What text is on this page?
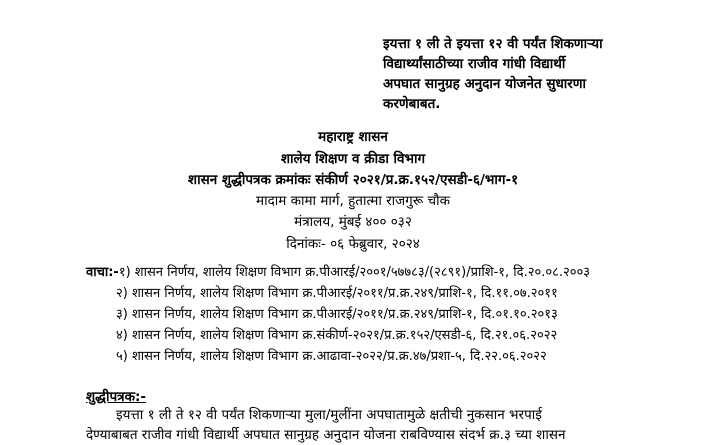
इयत्ता १ ली ते इयत्ता १२ वी पर्यंत शिकणाऱ्या
विद्यार्थ्यांसाठीच्या राजीव गांधी विद्यार्थी
अपघात सानुग्रह अनुदान योजनेत सुधारणा
करणेबाबत.
महाराष्ट्र शासन
शालेय शिक्षण व क्रीडा विभाग
शासन शुद्धीपत्रक क्रमांकः संकीर्ण २०२१/प्र.क्र.१५२/एसडी-६/भाग-१
मादाम कामा मार्ग, हुतात्मा राजगुरू चौक
मंत्रालय, मुंबई ४०० ०३२
दिनांकः- ०६ फेब्रुवार, २०२४
वाचा:-१) शासन निर्णय, शालेय शिक्षण विभाग क्र.पीआरई/२००१/५७७८३/(२८९१)/प्राशि-१, दि.२०.०८.२००३
२) शासन निर्णय, शालेय शिक्षण विभाग क्र.पीआरई/२०११/प्र.क्र.२४९/प्राशि-१, दि.११.०७.२०११
३) शासन निर्णय, शालेय शिक्षण विभाग क्र.पीआरई/२०११/प्र.क्र.२४९/प्राशि-१, दि.०१.१०.२०१३
४) शासन निर्णय, शालेय शिक्षण विभाग क्र.संकीर्ण-२०२१/प्र.क्र.१५२/एसडी-६, दि.२१.०६.२०२२
५) शासन निर्णय, शालेय शिक्षण विभाग क्र.आढावा-२०२२/प्र.क्र.४७/प्रशा-५, दि.२२.०६.२०२२
शुद्धीपत्रक:-
इयत्ता १ ली ते १२ वी पर्यंत शिकणाऱ्या मुला/मुलींना अपघातामुळे क्षतीची नुकसान भरपाई
देण्याबाबत राजीव गांधी विद्यार्थी अपघात सानुग्रह अनुदान योजना राबविण्यास संदर्भ क्र.३ च्या शासन
